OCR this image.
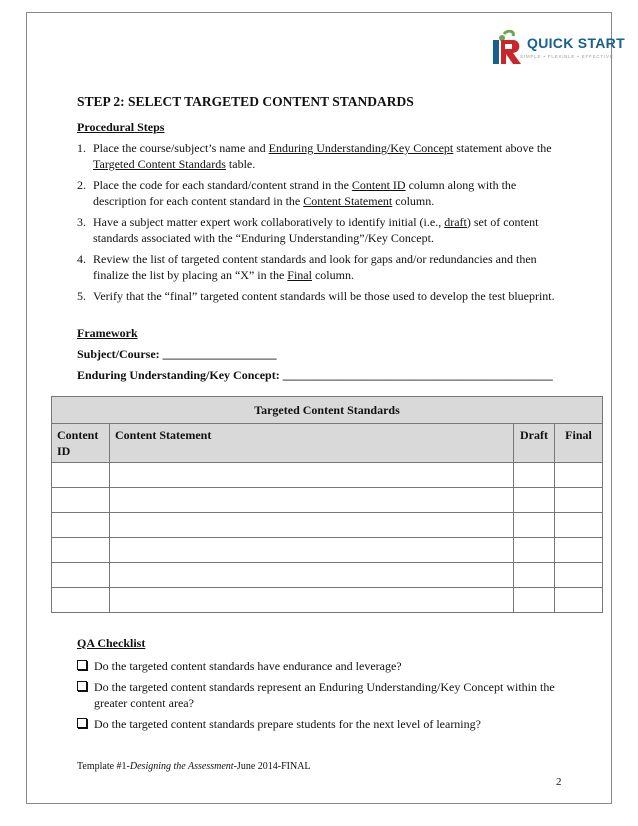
QUICK START
SIMPLE • FLEXIBLE • EFFECTIVE
STEP 2: SELECT TARGETED CONTENT STANDARDS
Procedural Steps
1. Place the course/subject’s name and Enduring Understanding/Key Concept statement above the Targeted Content Standards table.
2. Place the code for each standard/content strand in the Content ID column along with the description for each content standard in the Content Statement column.
3. Have a subject matter expert work collaboratively to identify initial (i.e., draft) set of content standards associated with the “Enduring Understanding”/Key Concept.
4. Review the list of targeted content standards and look for gaps and/or redundancies and then finalize the list by placing an “X” in the Final column.
5. Verify that the “final” targeted content standards will be those used to develop the test blueprint.
Framework
Subject/Course: ___________________
Enduring Understanding/Key Concept: _____________________________________________
Targeted Content Standards			
Content ID	Content Statement	Draft	Final

QA Checklist
Do the targeted content standards have endurance and leverage?
Do the targeted content standards represent an Enduring Understanding/Key Concept within the greater content area?
Do the targeted content standards prepare students for the next level of learning?
Template #1-Designing the Assessment-June 2014-FINAL
2
